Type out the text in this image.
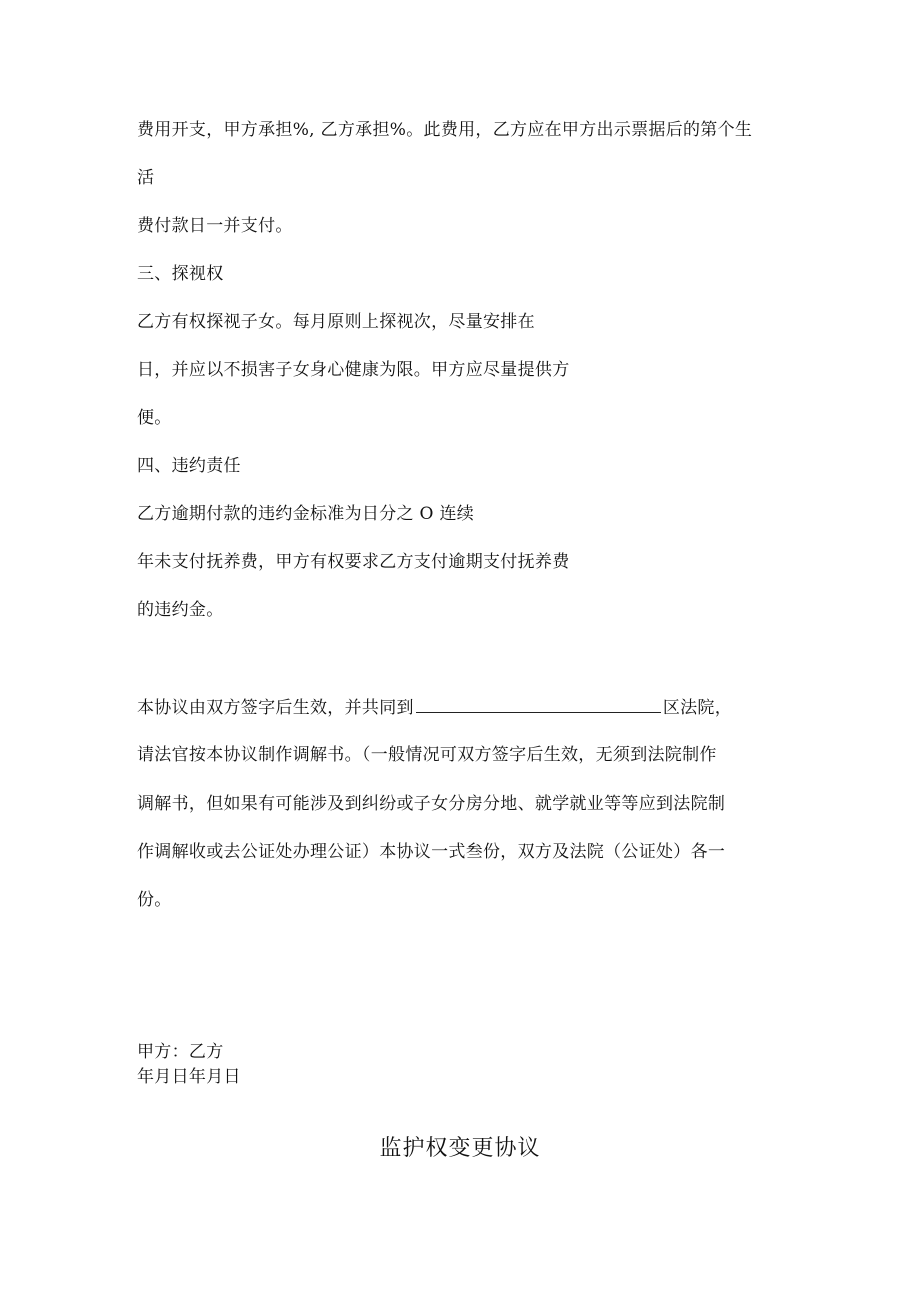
费用开支，甲方承担%, 乙方承担%。此费用，乙方应在甲方出示票据后的第个生
活
费付款日一并支付。
三、探视权
乙方有权探视子女。每月原则上探视次，尽量安排在
日，并应以不损害子女身心健康为限。甲方应尽量提供方
便。
四、违约责任
乙方逾期付款的违约金标准为日分之 O 连续
年未支付抚养费，甲方有权要求乙方支付逾期支付抚养费
的违约金。
本协议由双方签字后生效，并共同到	区法院，
请法官按本协议制作调解书。（一般情况可双方签字后生效，无须到法院制作
调解书，但如果有可能涉及到纠纷或子女分房分地、就学就业等等应到法院制
作调解收或去公证处办理公证）本协议一式叁份，双方及法院（公证处）各一
份。
甲方：乙方
年月日年月日
监护权变更协议
